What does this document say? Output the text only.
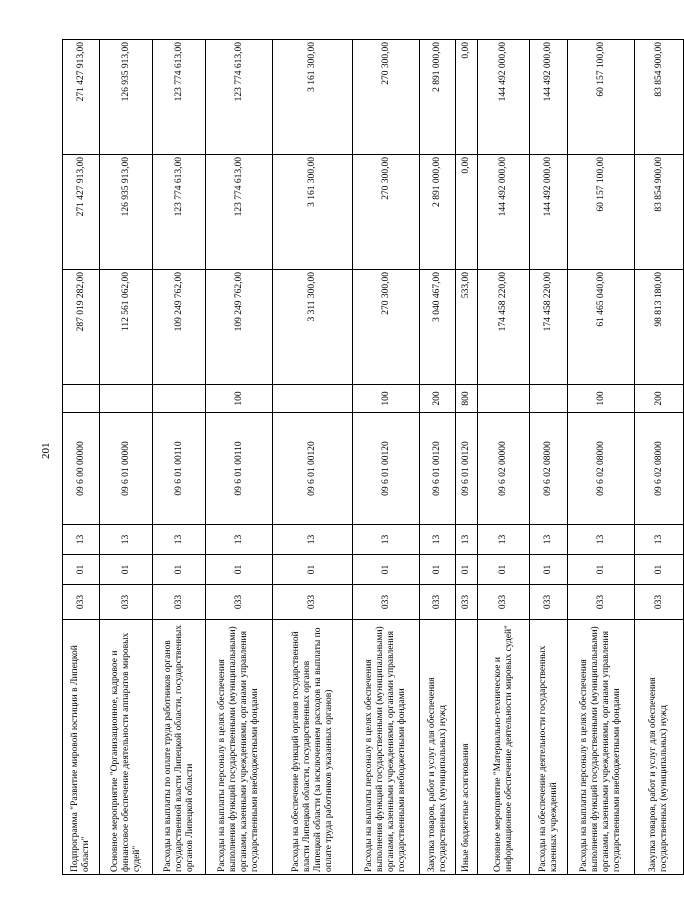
201
Подпрограмма "Развитие мировой юстиции в Липецкой области"	033	01	13	09 6 00 00000		287 019 282,00	271 427 913,00	271 427 913,00
Основное мероприятие "Организационное, кадровое и финансовое обеспечение деятельности аппаратов мировых судей"	033	01	13	09 6 01 00000		112 561 062,00	126 935 913,00	126 935 913,00
Расходы на выплаты по оплате труда работников органов государственной власти Липецкой области, государственных органов Липецкой области	033	01	13	09 6 01 00110		109 249 762,00	123 774 613,00	123 774 613,00
Расходы на выплаты персоналу в целях обеспечения выполнения функций государственными (муниципальными) органами, казенными учреждениями, органами управления государственными внебюджетными фондами	033	01	13	09 6 01 00110	100	109 249 762,00	123 774 613,00	123 774 613,00
Расходы на обеспечение функций органов государственной власти Липецкой области, государственных органов Липецкой области (за исключением расходов на выплаты по оплате труда работников указанных органов)	033	01	13	09 6 01 00120		3 311 300,00	3 161 300,00	3 161 300,00
Расходы на выплаты персоналу в целях обеспечения выполнения функций государственными (муниципальными) органами, казенными учреждениями, органами управления государственными внебюджетными фондами	033	01	13	09 6 01 00120	100	270 300,00	270 300,00	270 300,00
Закупка товаров, работ и услуг для обеспечения государственных (муниципальных) нужд	033	01	13	09 6 01 00120	200	3 040 467,00	2 891 000,00	2 891 000,00
Иные бюджетные ассигнования	033	01	13	09 6 01 00120	800	533,00	0,00	0,00
Основное мероприятие "Материально-техническое и информационное обеспечение деятельности мировых судей"	033	01	13	09 6 02 00000		174 458 220,00	144 492 000,00	144 492 000,00
Расходы на обеспечение деятельности государственных казенных учреждений	033	01	13	09 6 02 08000		174 458 220,00	144 492 000,00	144 492 000,00
Расходы на выплаты персоналу в целях обеспечения выполнения функций государственными (муниципальными) органами, казенными учреждениями, органами управления государственными внебюджетными фондами	033	01	13	09 6 02 08000	100	61 465 040,00	60 157 100,00	60 157 100,00
Закупка товаров, работ и услуг для обеспечения государственных (муниципальных) нужд	033	01	13	09 6 02 08000	200	98 813 180,00	83 854 900,00	83 854 900,00
